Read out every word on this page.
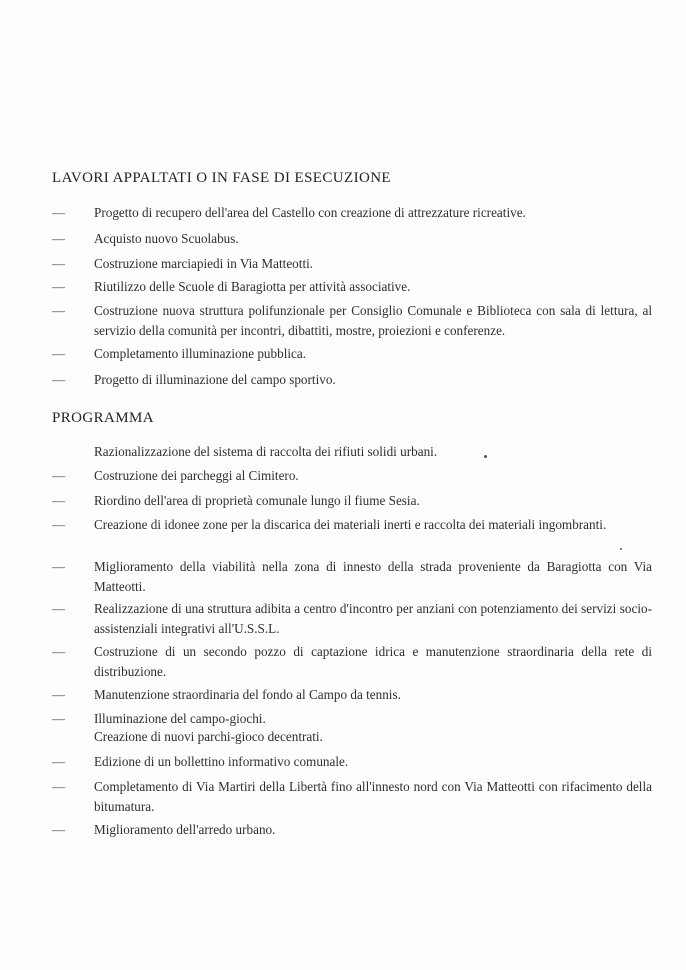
LAVORI APPALTATI O IN FASE DI ESECUZIONE
—	Progetto di recupero dell'area del Castello con creazione di attrezzature ricreative.
—	Acquisto nuovo Scuolabus.
—	Costruzione marciapiedi in Via Matteotti.
—	Riutilizzo delle Scuole di Baragiotta per attività associative.
—	Costruzione nuova struttura polifunzionale per Consiglio Comunale e Biblioteca con sala di lettura, al servizio della comunità per incontri, dibattiti, mostre, proiezioni e conferenze.
—	Completamento illuminazione pubblica.
—	Progetto di illuminazione del campo sportivo.
PROGRAMMA
Razionalizzazione del sistema di raccolta dei rifiuti solidi urbani.
—	Costruzione dei parcheggi al Cimitero.
—	Riordino dell'area di proprietà comunale lungo il fiume Sesia.
—	Creazione di idonee zone per la discarica dei materiali inerti e raccolta dei materiali ingombranti.
—	Miglioramento della viabilità nella zona di innesto della strada proveniente da Baragiotta con Via Matteotti.
—	Realizzazione di una struttura adibita a centro d'incontro per anziani con potenziamento dei servizi socio-assistenziali integrativi all'U.S.S.L.
—	Costruzione di un secondo pozzo di captazione idrica e manutenzione straordinaria della rete di distribuzione.
—	Manutenzione straordinaria del fondo al Campo da tennis.
—	Illuminazione del campo-giochi.
Creazione di nuovi parchi-gioco decentrati.
—	Edizione di un bollettino informativo comunale.
—	Completamento di Via Martiri della Libertà fino all'innesto nord con Via Matteotti con rifacimento della bitumatura.
—	Miglioramento dell'arredo urbano.
